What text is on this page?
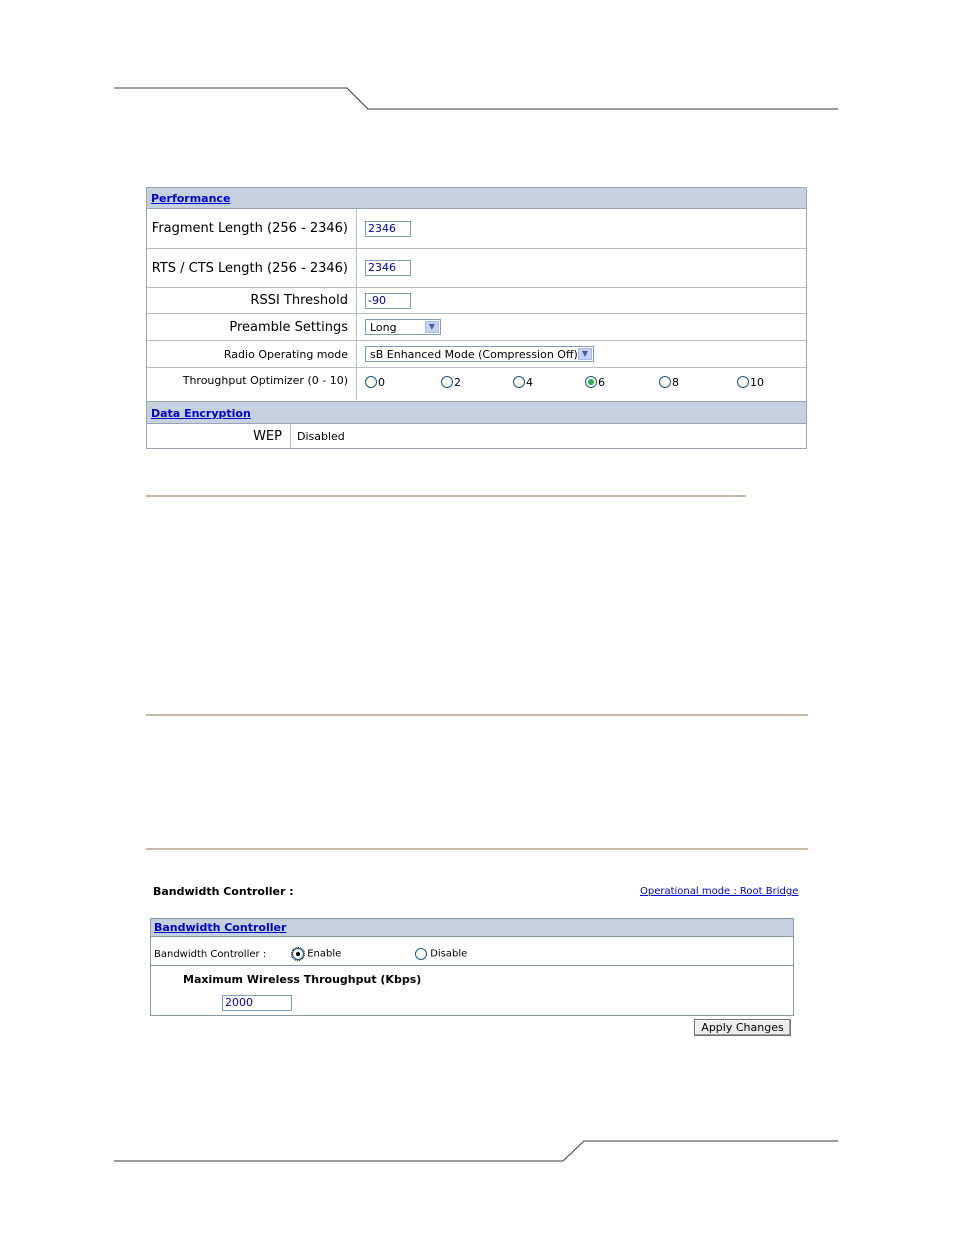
Performance
Fragment Length (256 - 2346)	2346
RTS / CTS Length (256 - 2346)	2346
RSSI Threshold	-90
Preamble Settings	Long	▼
Radio Operating mode	sB Enhanced Mode (Compression Off) ▼
Throughput Optimizer (0 - 10)	0	2	4	6	8	10
Data Encryption
WEP	Disabled
Bandwidth Controller :	Operational mode : Root Bridge
Bandwidth Controller
Bandwidth Controller :	Enable	Disable
Maximum Wireless Throughput (Kbps)
2000
Apply Changes
